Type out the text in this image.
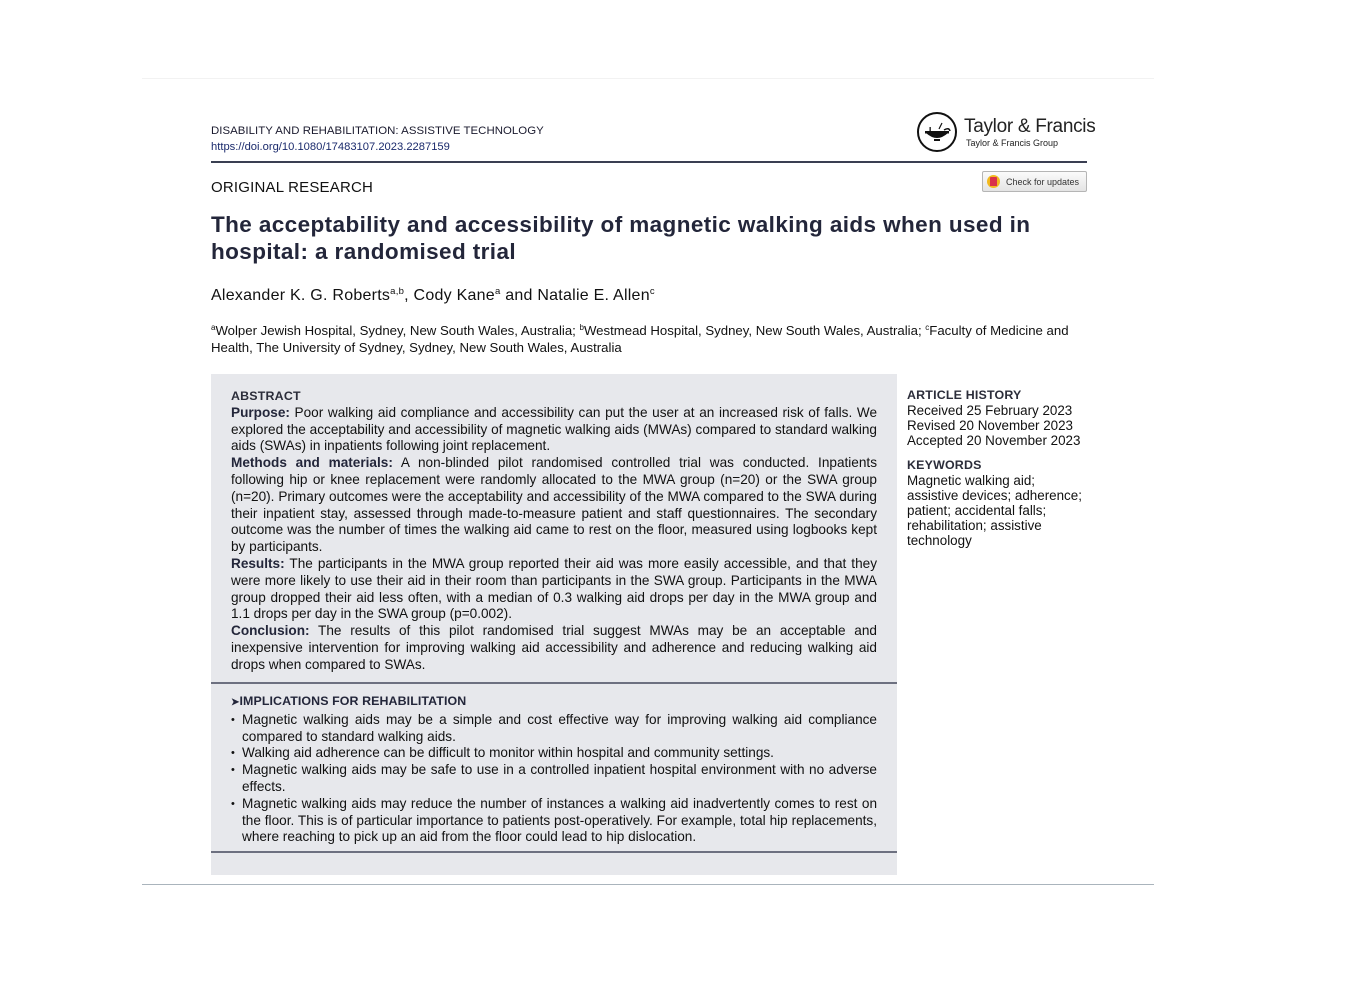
DISABILITY AND REHABILITATION: ASSISTIVE TECHNOLOGY
https://doi.org/10.1080/17483107.2023.2287159
Taylor & Francis
Taylor & Francis Group
ORIGINAL RESEARCH	Check for updates
The acceptability and accessibility of magnetic walking aids when used in hospital: a randomised trial
Alexander K. G. Roberts$^{a,b}$, Cody Kane$^a$ and Natalie E. Allen$^c$
$^a$Wolper Jewish Hospital, Sydney, New South Wales, Australia; $^b$Westmead Hospital, Sydney, New South Wales, Australia; $^c$Faculty of Medicine and Health, The University of Sydney, Sydney, New South Wales, Australia
ABSTRACT

Purpose: Poor walking aid compliance and accessibility can put the user at an increased risk of falls. We explored the acceptability and accessibility of magnetic walking aids (MWAs) compared to standard walking aids (SWAs) in inpatients following joint replacement.

Methods and materials: A non-blinded pilot randomised controlled trial was conducted. Inpatients following hip or knee replacement were randomly allocated to the MWA group (n=20) or the SWA group (n=20). Primary outcomes were the acceptability and accessibility of the MWA compared to the SWA during their inpatient stay, assessed through made-to-measure patient and staff questionnaires. The secondary outcome was the number of times the walking aid came to rest on the floor, measured using logbooks kept by participants.

Results: The participants in the MWA group reported their aid was more easily accessible, and that they were more likely to use their aid in their room than participants in the SWA group. Participants in the MWA group dropped their aid less often, with a median of 0.3 walking aid drops per day in the MWA group and 1.1 drops per day in the SWA group (p=0.002).

Conclusion: The results of this pilot randomised trial suggest MWAs may be an acceptable and inexpensive intervention for improving walking aid accessibility and adherence and reducing walking aid drops when compared to SWAs.

➤IMPLICATIONS FOR REHABILITATION
• Magnetic walking aids may be a simple and cost effective way for improving walking aid compliance compared to standard walking aids.
• Walking aid adherence can be difficult to monitor within hospital and community settings.
• Magnetic walking aids may be safe to use in a controlled inpatient hospital environment with no adverse effects.
• Magnetic walking aids may reduce the number of instances a walking aid inadvertently comes to rest on the floor. This is of particular importance to patients post-operatively. For example, total hip replacements, where reaching to pick up an aid from the floor could lead to hip dislocation.
ARTICLE HISTORY
Received 25 February 2023
Revised 20 November 2023
Accepted 20 November 2023
KEYWORDS
Magnetic walking aid; assistive devices; adherence; patient; accidental falls; rehabilitation; assistive technology
